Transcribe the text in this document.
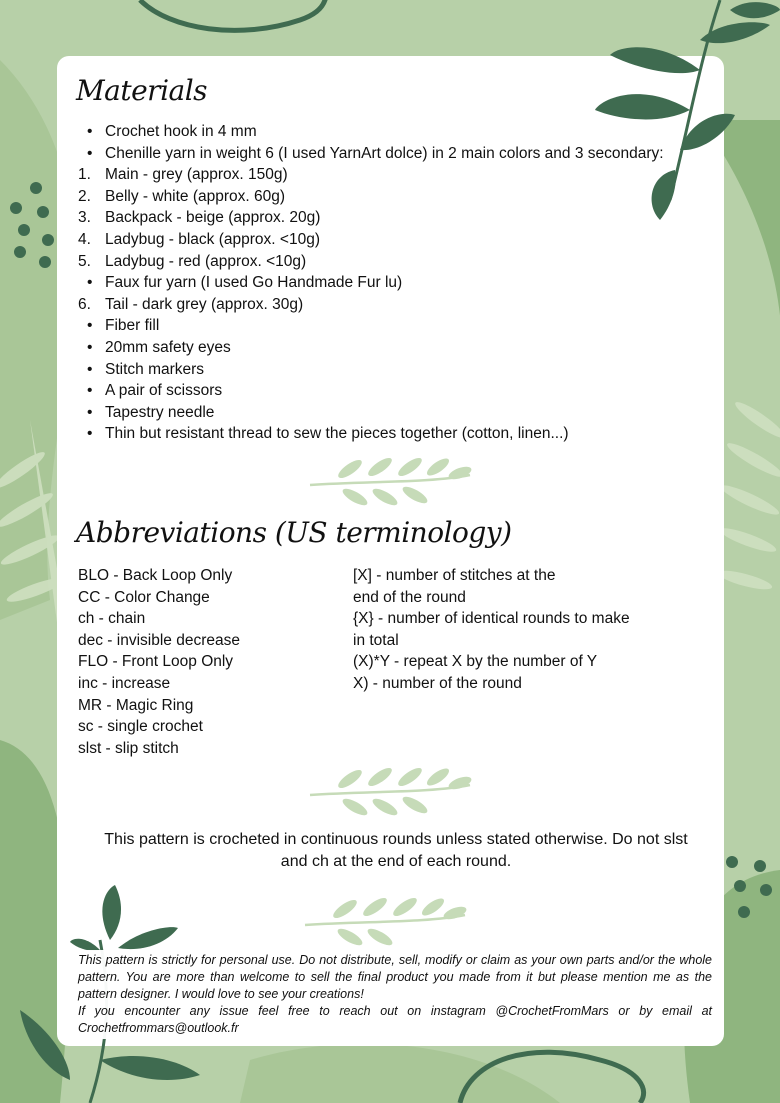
Materials
• Crochet hook in 4 mm
• Chenille yarn in weight 6 (I used YarnArt dolce) in 2 main colors and 3 secondary:
1. Main - grey (approx. 150g)
2. Belly - white (approx. 60g)
3. Backpack - beige (approx. 20g)
4. Ladybug - black (approx. <10g)
5. Ladybug - red (approx. <10g)
• Faux fur yarn (I used Go Handmade Fur lu)
6. Tail - dark grey (approx. 30g)
• Fiber fill
• 20mm safety eyes
• Stitch markers
• A pair of scissors
• Tapestry needle
• Thin but resistant thread to sew the pieces together (cotton, linen...)
Abbreviations (US terminology)
BLO - Back Loop Only
CC - Color Change
ch - chain
dec - invisible decrease
FLO - Front Loop Only
inc - increase
MR - Magic Ring
sc - single crochet
slst - slip stitch
[X] - number of stitches at the
end of the round
{X} - number of identical rounds to make
in total
(X)*Y - repeat X by the number of Y
X) - number of the round
This pattern is crocheted in continuous rounds unless stated otherwise. Do not slst and ch at the end of each round.

This pattern is strictly for personal use. Do not distribute, sell, modify or claim as your own parts and/or the whole pattern. You are more than welcome to sell the final product you made from it but please mention me as the pattern designer. I would love to see your creations!

If you encounter any issue feel free to reach out on instagram @CrochetFromMars or by email at Crochetfrommars@outlook.fr
